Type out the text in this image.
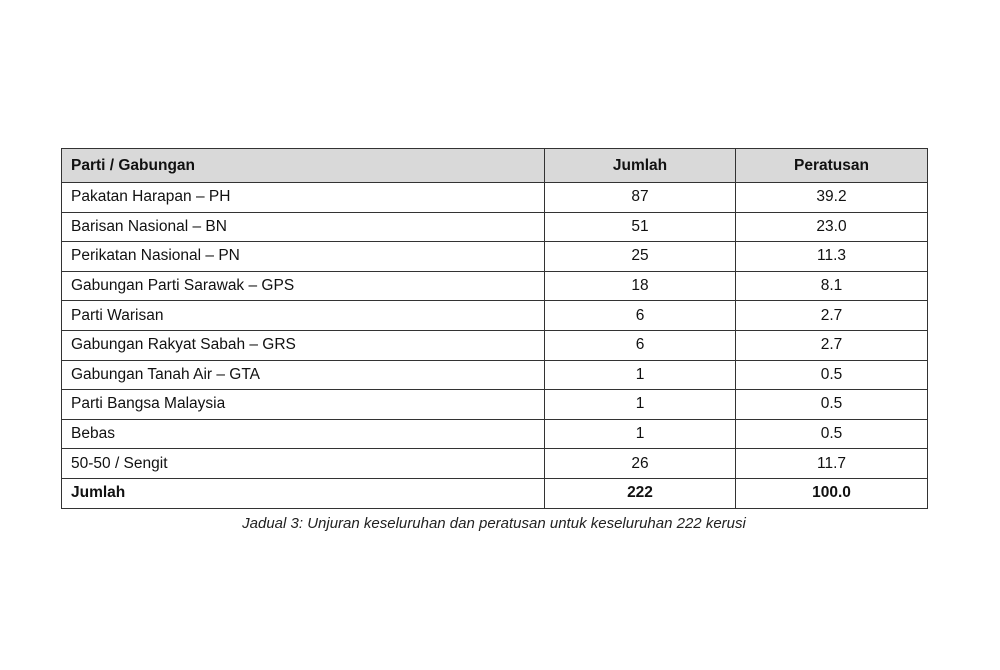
Parti / Gabungan	Jumlah	Peratusan
Pakatan Harapan – PH	87	39.2
Barisan Nasional – BN	51	23.0
Perikatan Nasional – PN	25	11.3
Gabungan Parti Sarawak – GPS	18	8.1
Parti Warisan	6	2.7
Gabungan Rakyat Sabah – GRS	6	2.7
Gabungan Tanah Air – GTA	1	0.5
Parti Bangsa Malaysia	1	0.5
Bebas	1	0.5
50-50 / Sengit	26	11.7
Jumlah	222	100.0
Jadual 3: Unjuran keseluruhan dan peratusan untuk keseluruhan 222 kerusi
